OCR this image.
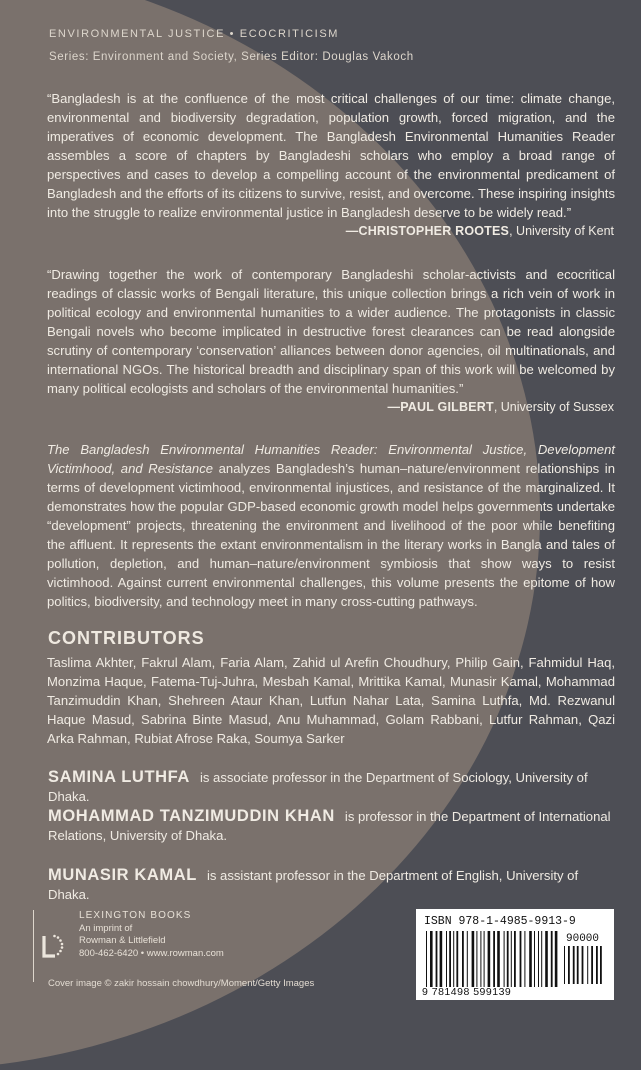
ENVIRONMENTAL JUSTICE • ECOCRITICISM
Series: Environment and Society, Series Editor: Douglas Vakoch
“Bangladesh is at the confluence of the most critical challenges of our time: climate change, environmental and biodiversity degradation, population growth, forced migration, and the imperatives of economic development. The Bangladesh Environmental Humanities Reader assembles a score of chapters by Bangladeshi scholars who employ a broad range of perspectives and cases to develop a compelling account of the environmental predicament of Bangladesh and the efforts of its citizens to survive, resist, and overcome. These inspiring insights into the struggle to realize environmental justice in Bangladesh deserve to be widely read.”
—CHRISTOPHER ROOTES, University of Kent
“Drawing together the work of contemporary Bangladeshi scholar-activists and ecocritical readings of classic works of Bengali literature, this unique collection brings a rich vein of work in political ecology and environmental humanities to a wider audience. The protagonists in classic Bengali novels who become implicated in destructive forest clearances can be read alongside scrutiny of contemporary ‘conservation’ alliances between donor agencies, oil multinationals, and international NGOs. The historical breadth and disciplinary span of this work will be welcomed by many political ecologists and scholars of the environmental humanities.”
—PAUL GILBERT, University of Sussex
The Bangladesh Environmental Humanities Reader: Environmental Justice, Development Victimhood, and Resistance analyzes Bangladesh’s human–nature/environment relationships in terms of development victimhood, environmental injustices, and resistance of the marginalized. It demonstrates how the popular GDP-based economic growth model helps governments undertake “development” projects, threatening the environment and livelihood of the poor while benefiting the affluent. It represents the extant environmentalism in the literary works in Bangla and tales of pollution, depletion, and human–nature/environment symbiosis that show ways to resist victimhood. Against current environmental challenges, this volume presents the epitome of how politics, biodiversity, and technology meet in many cross-cutting pathways.
CONTRIBUTORS
Taslima Akhter, Fakrul Alam, Faria Alam, Zahid ul Arefin Choudhury, Philip Gain, Fahmidul Haq, Monzima Haque, Fatema-Tuj-Juhra, Mesbah Kamal, Mrittika Kamal, Munasir Kamal, Mohammad Tanzimuddin Khan, Shehreen Ataur Khan, Lutfun Nahar Lata, Samina Luthfa, Md. Rezwanul Haque Masud, Sabrina Binte Masud, Anu Muhammad, Golam Rabbani, Lutfur Rahman, Qazi Arka Rahman, Rubiat Afrose Raka, Soumya Sarker
SAMINA LUTHFA is associate professor in the Department of Sociology, University of Dhaka.
MOHAMMAD TANZIMUDDIN KHAN is professor in the Department of International Relations, University of Dhaka.
MUNASIR KAMAL is assistant professor in the Department of English, University of Dhaka.
LEXINGTON BOOKS
An imprint of
Rowman & Littlefield
800-462-6420 • www.rowman.com
Cover image © zakir hossain chowdhury/Moment/Getty Images
ISBN 978-1-4985-9913-9
90000
9 781498 599139
